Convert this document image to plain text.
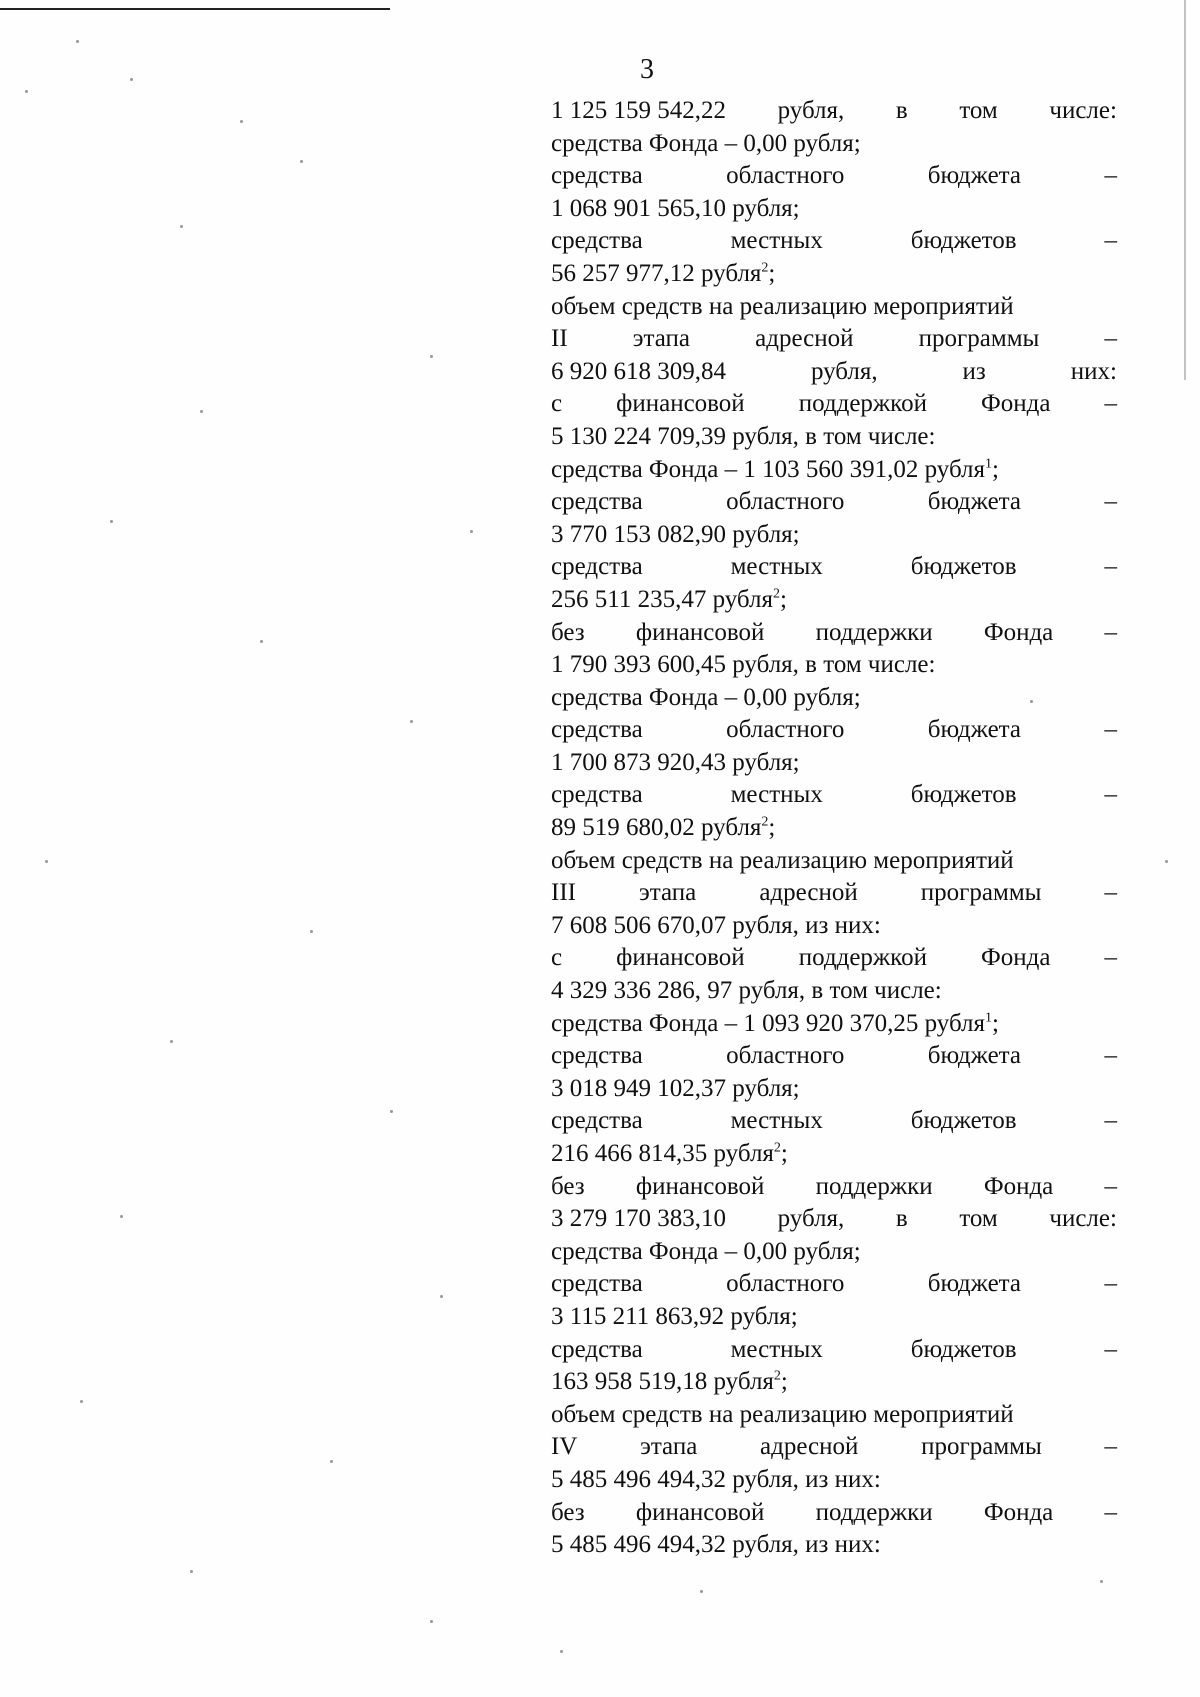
3
1 125 159 542,22 рубля, в том числе:
средства Фонда – 0,00 рубля;
средства	областного	бюджета	–
1 068 901 565,10 рубля;
средства	местных	бюджетов	–
56 257 977,12 рубля$^2$;
объем средств на реализацию мероприятий
II	этапа	адресной	программы	–
6 920 618 309,84	рубля,	из	них:
с финансовой поддержкой Фонда –
5 130 224 709,39 рубля, в том числе:
средства Фонда – 1 103 560 391,02 рубля$^1$;
средства	областного	бюджета	–
3 770 153 082,90 рубля;
средства	местных	бюджетов	–
256 511 235,47 рубля$^2$;
без финансовой поддержки Фонда –
1 790 393 600,45 рубля, в том числе:
средства Фонда – 0,00 рубля;
средства	областного	бюджета	–
1 700 873 920,43 рубля;
средства	местных	бюджетов	–
89 519 680,02 рубля$^2$;
объем средств на реализацию мероприятий
III	этапа	адресной	программы	–
7 608 506 670,07 рубля, из них:
с финансовой поддержкой Фонда –
4 329 336 286, 97 рубля, в том числе:
средства Фонда – 1 093 920 370,25 рубля$^1$;
средства	областного	бюджета	–
3 018 949 102,37 рубля;
средства	местных	бюджетов	–
216 466 814,35 рубля$^2$;
без финансовой поддержки Фонда –
3 279 170 383,10 рубля, в том числе:
средства Фонда – 0,00 рубля;
средства	областного	бюджета	–
3 115 211 863,92 рубля;
средства	местных	бюджетов	–
163 958 519,18 рубля$^2$;
объем средств на реализацию мероприятий
IV	этапа	адресной	программы	–
5 485 496 494,32 рубля, из них:
без финансовой поддержки Фонда –
5 485 496 494,32 рубля, из них:
